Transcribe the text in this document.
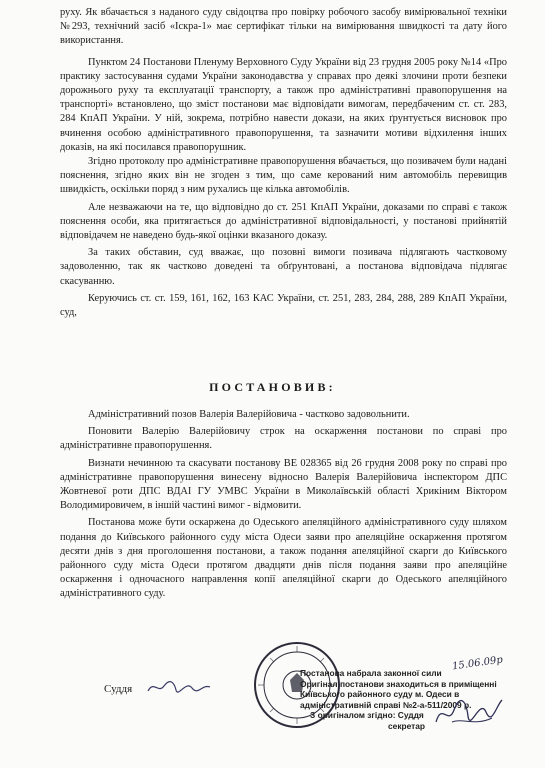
руху. Як вбачається з наданого суду свідоцтва про повірку робочого засобу вимірювальної техніки №293, технічний засіб «Іскра-1» має сертифікат тільки на вимірювання швидкості та дату його використання.

Пунктом 24 Постанови Пленуму Верховного Суду України від 23 грудня 2005 року №14 «Про практику застосування судами України законодавства у справах про деякі злочини проти безпеки дорожнього руху та експлуатації транспорту, а також про адміністративні правопорушення на транспорті» встановлено, що зміст постанови має відповідати вимогам, передбаченим ст. ст. 283, 284 КпАП України. У ній, зокрема, потрібно навести докази, на яких ґрунтується висновок про вчинення особою адміністративного правопорушення, та зазначити мотиви відхилення інших доказів, на які посилався правопорушник.

Згідно протоколу про адміністративне правопорушення вбачається, що позивачем були надані пояснення, згідно яких він не згоден з тим, що саме керований ним автомобіль перевищив швидкість, оскільки поряд з ним рухались ще кілька автомобілів.

Але незважаючи на те, що відповідно до ст. 251 КпАП України, доказами по справі є також пояснення особи, яка притягається до адміністративної відповідальності, у постанові прийнятій відповідачем не наведено будь-якої оцінки вказаного доказу.

За таких обставин, суд вважає, що позовні вимоги позивача підлягають частковому задоволенню, так як частково доведені та обґрунтовані, а постанова відповідача підлягає скасуванню.

Керуючись ст. ст. 159, 161, 162, 163 КАС України, ст. 251, 283, 284, 288, 289 КпАП України, суд,

ПОСТАНОВИВ:

Адміністративний позов Валерія Валерійовича - частково задовольнити.

Поновити Валерію Валерійовичу строк на оскарження постанови по справі про адміністративне правопорушення.

Визнати нечинною та скасувати постанову ВЕ 028365 від 26 грудня 2008 року по справі про адміністративне правопорушення винесену відносно Валерія Валерійовича інспектором ДПС Жовтневої роти ДПС ВДАІ ГУ УМВС України в Миколаївській області Хрикіним Віктором Володимировичем, в іншій частині вимог - відмовити.

Постанова може бути оскаржена до Одеського апеляційного адміністративного суду шляхом подання до Київського районного суду міста Одеси заяви про апеляційне оскарження протягом десяти днів з дня проголошення постанови, а також подання апеляційної скарги до Київського районного суду міста Одеси протягом двадцяти днів після подання заяви про апеляційне оскарження і одночасного направлення копії апеляційної скарги до Одеського апеляційного адміністративного суду.

Суддя
Постанова набрала законної сили
Оригінал постанови знаходиться в приміщенні
Київського районного суду м. Одеси в
адміністративній справі №2-а-511/2009 р.
З оригіналом згідно: Суддя
секретар
15.06.09р
